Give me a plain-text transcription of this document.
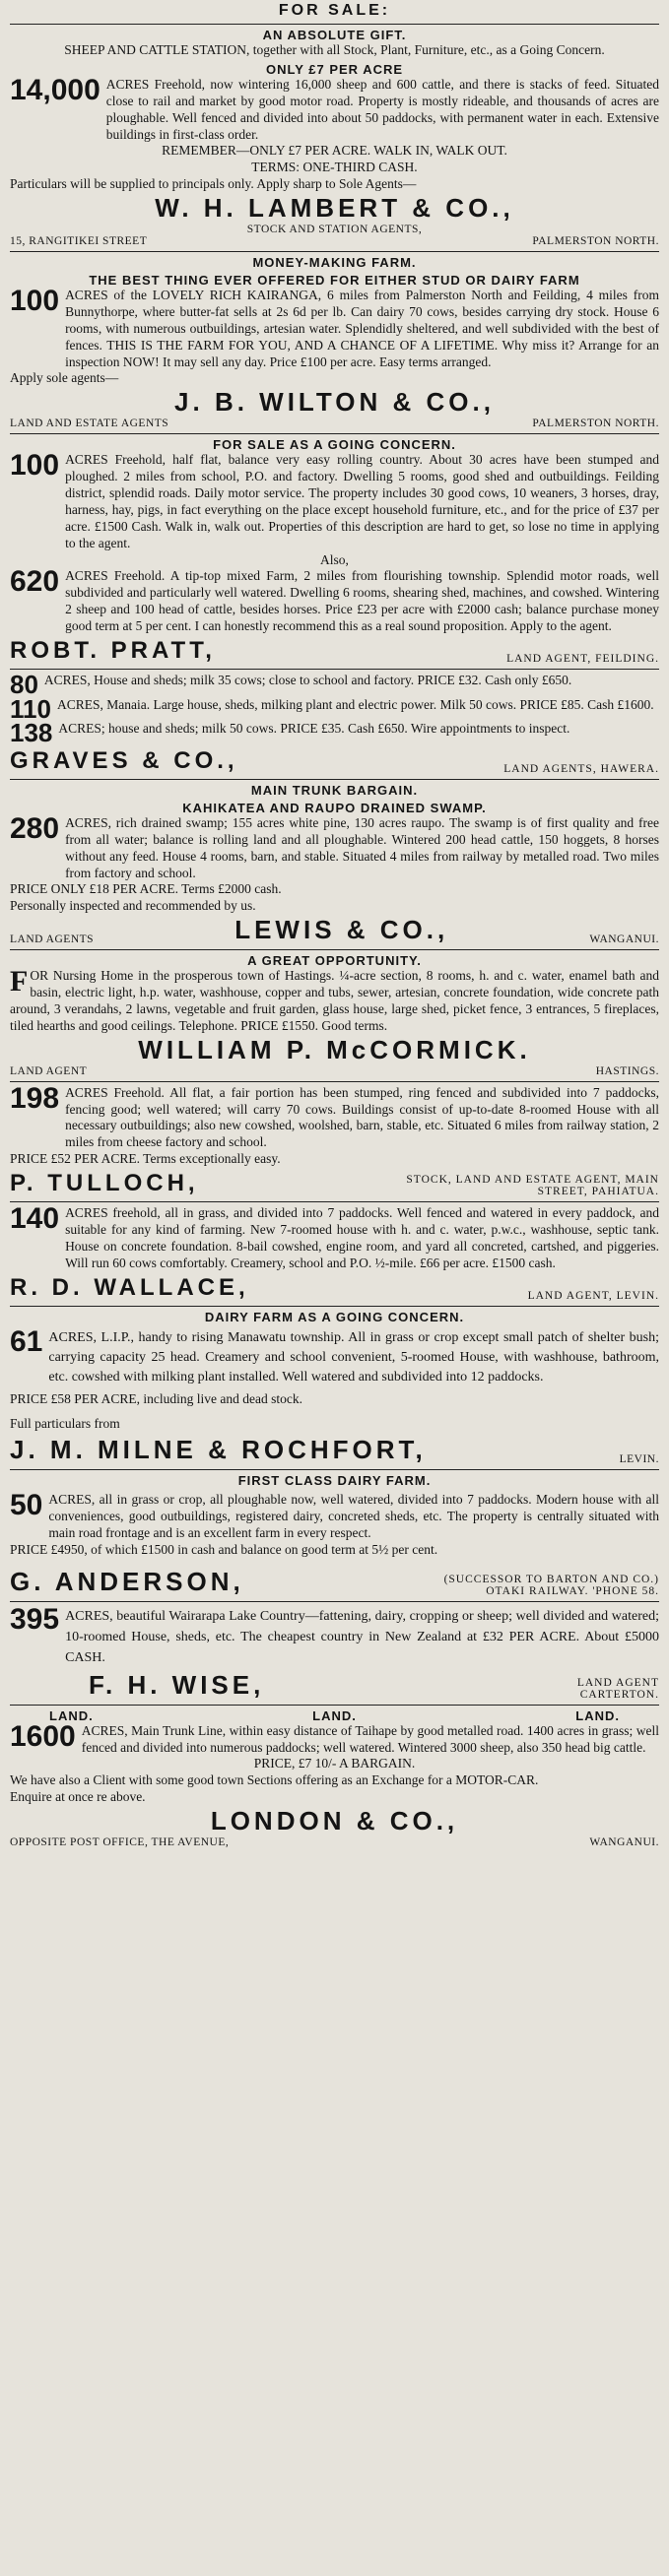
FOR SALE:
AN ABSOLUTE GIFT.

SHEEP AND CATTLE STATION, together with all Stock, Plant, Furniture, etc., as a Going Concern.

ONLY £7 PER ACRE
14,000 ACRES Freehold, now wintering 16,000 sheep and 600 cattle, and there is stacks of feed. Situated close to rail and market by good motor road. Property is mostly rideable, and thousands of acres are ploughable. Well fenced and divided into about 50 paddocks, with permanent water in each. Extensive buildings in first-class order.

REMEMBER—ONLY £7 PER ACRE. WALK IN, WALK OUT.

TERMS: ONE-THIRD CASH.

Particulars will be supplied to principals only. Apply sharp to Sole Agents—

W. H. LAMBERT & CO.,
STOCK AND STATION AGENTS,
15, RANGITIKEI STREET	PALMERSTON NORTH.
MONEY-MAKING FARM.
THE BEST THING EVER OFFERED FOR EITHER STUD OR DAIRY FARM
100 ACRES of the LOVELY RICH KAIRANGA, 6 miles from Palmerston North and Feilding, 4 miles from Bunnythorpe, where butter-fat sells at 2s 6d per lb. Can dairy 70 cows, besides carrying dry stock. House 6 rooms, with numerous outbuildings, artesian water. Splendidly sheltered, and well subdivided with the best of fences. THIS IS THE FARM FOR YOU, AND A CHANCE OF A LIFETIME. Why miss it? Arrange for an inspection NOW! It may sell any day. Price £100 per acre. Easy terms arranged.

Apply sole agents—

J. B. WILTON & CO.,
LAND AND ESTATE AGENTS	PALMERSTON NORTH.
FOR SALE AS A GOING CONCERN.
100 ACRES Freehold, half flat, balance very easy rolling country. About 30 acres have been stumped and ploughed. 2 miles from school, P.O. and factory. Dwelling 5 rooms, good shed and outbuildings. Feilding district, splendid roads. Daily motor service. The property includes 30 good cows, 10 weaners, 3 horses, dray, harness, hay, pigs, in fact everything on the place except household furniture, etc., and for the price of £37 per acre. £1500 Cash. Walk in, walk out. Properties of this description are hard to get, so lose no time in applying to the agent.

Also,

620 ACRES Freehold. A tip-top mixed Farm, 2 miles from flourishing township. Splendid motor roads, well subdivided and particularly well watered. Dwelling 6 rooms, shearing shed, machines, and cowshed. Wintering 2 sheep and 100 head of cattle, besides horses. Price £23 per acre with £2000 cash; balance purchase money good term at 5 per cent. I can honestly recommend this as a real sound proposition. Apply to the agent.

ROBT. PRATT,	LAND AGENT, FEILDING.
80 ACRES, House and sheds; milk 35 cows; close to school and factory. PRICE £32. Cash only £650.

110 ACRES, Manaia. Large house, sheds, milking plant and electric power. Milk 50 cows. PRICE £85. Cash £1600.

138 ACRES; house and sheds; milk 50 cows. PRICE £35. Cash £650. Wire appointments to inspect.

GRAVES & CO.,	LAND AGENTS, HAWERA.
MAIN TRUNK BARGAIN.
KAHIKATEA AND RAUPO DRAINED SWAMP.
280 ACRES, rich drained swamp; 155 acres white pine, 130 acres raupo. The swamp is of first quality and free from all water; balance is rolling land and all ploughable. Wintered 200 head cattle, 150 hoggets, 8 horses without any feed. House 4 rooms, barn, and stable. Situated 4 miles from railway by metalled road. Two miles from factory and school.

PRICE ONLY £18 PER ACRE. Terms £2000 cash.

Personally inspected and recommended by us.

LAND AGENTS	LEWIS & CO.,	WANGANUI.
A GREAT OPPORTUNITY.

FOR Nursing Home in the prosperous town of Hastings. ¼-acre section, 8 rooms, h. and c. water, enamel bath and basin, electric light, h.p. water, washhouse, copper and tubs, sewer, artesian, concrete foundation, wide concrete path around, 3 verandahs, 2 lawns, vegetable and fruit garden, glass house, large shed, picket fence, 3 entrances, 5 fireplaces, tiled hearths and good ceilings. Telephone. PRICE £1550. Good terms.

WILLIAM P. McCORMICK.
LAND AGENT	HASTINGS.
198 ACRES Freehold. All flat, a fair portion has been stumped, ring fenced and subdivided into 7 paddocks, fencing good; well watered; will carry 70 cows. Buildings consist of up-to-date 8-roomed House with all necessary outbuildings; also new cowshed, woolshed, barn, stable, etc. Situated 6 miles from railway station, 2 miles from cheese factory and school.

PRICE £52 PER ACRE. Terms exceptionally easy.

P. TULLOCH,	STOCK, LAND AND ESTATE AGENT, MAIN STREET, PAHIATUA.
140 ACRES freehold, all in grass, and divided into 7 paddocks. Well fenced and watered in every paddock, and suitable for any kind of farming. New 7-roomed house with h. and c. water, p.w.c., washhouse, septic tank. House on concrete foundation. 8-bail cowshed, engine room, and yard all concreted, cartshed, and piggeries. Will run 60 cows comfortably. Creamery, school and P.O. ½-mile. £66 per acre. £1500 cash.

R. D. WALLACE,	LAND AGENT, LEVIN.
DAIRY FARM AS A GOING CONCERN.
61 ACRES, L.I.P., handy to rising Manawatu township. All in grass or crop except small patch of shelter bush; carrying capacity 25 head. Creamery and school convenient, 5-roomed House, with washhouse, bathroom, etc. cowshed with milking plant installed. Well watered and subdivided into 12 paddocks.

PRICE £58 PER ACRE, including live and dead stock.

Full particulars from

J. M. MILNE & ROCHFORT,	LEVIN.
FIRST CLASS DAIRY FARM.
50 ACRES, all in grass or crop, all ploughable now, well watered, divided into 7 paddocks. Modern house with all conveniences, good outbuildings, registered dairy, concreted sheds, etc. The property is centrally situated with main road frontage and is an excellent farm in every respect.

PRICE £4950, of which £1500 in cash and balance on good term at 5½ per cent.

G. ANDERSON,	(SUCCESSOR TO BARTON AND CO.)
OTAKI RAILWAY. 'PHONE 58.
395 ACRES, beautiful Wairarapa Lake Country—fattening, dairy, cropping or sheep; well divided and watered; 10-roomed House, sheds, etc. The cheapest country in New Zealand at £32 PER ACRE. About £5000 CASH.

F. H. WISE,	LAND AGENT CARTERTON.
LAND.	LAND.	LAND.
1600 ACRES, Main Trunk Line, within easy distance of Taihape by good metalled road. 1400 acres in grass; well fenced and divided into numerous paddocks; well watered. Wintered 3000 sheep, also 350 head big cattle.

PRICE, £7 10/- A BARGAIN.

We have also a Client with some good town Sections offering as an Exchange for a MOTOR-CAR.

Enquire at once re above.

LONDON & CO.,
OPPOSITE POST OFFICE, THE AVENUE,	WANGANUI.
